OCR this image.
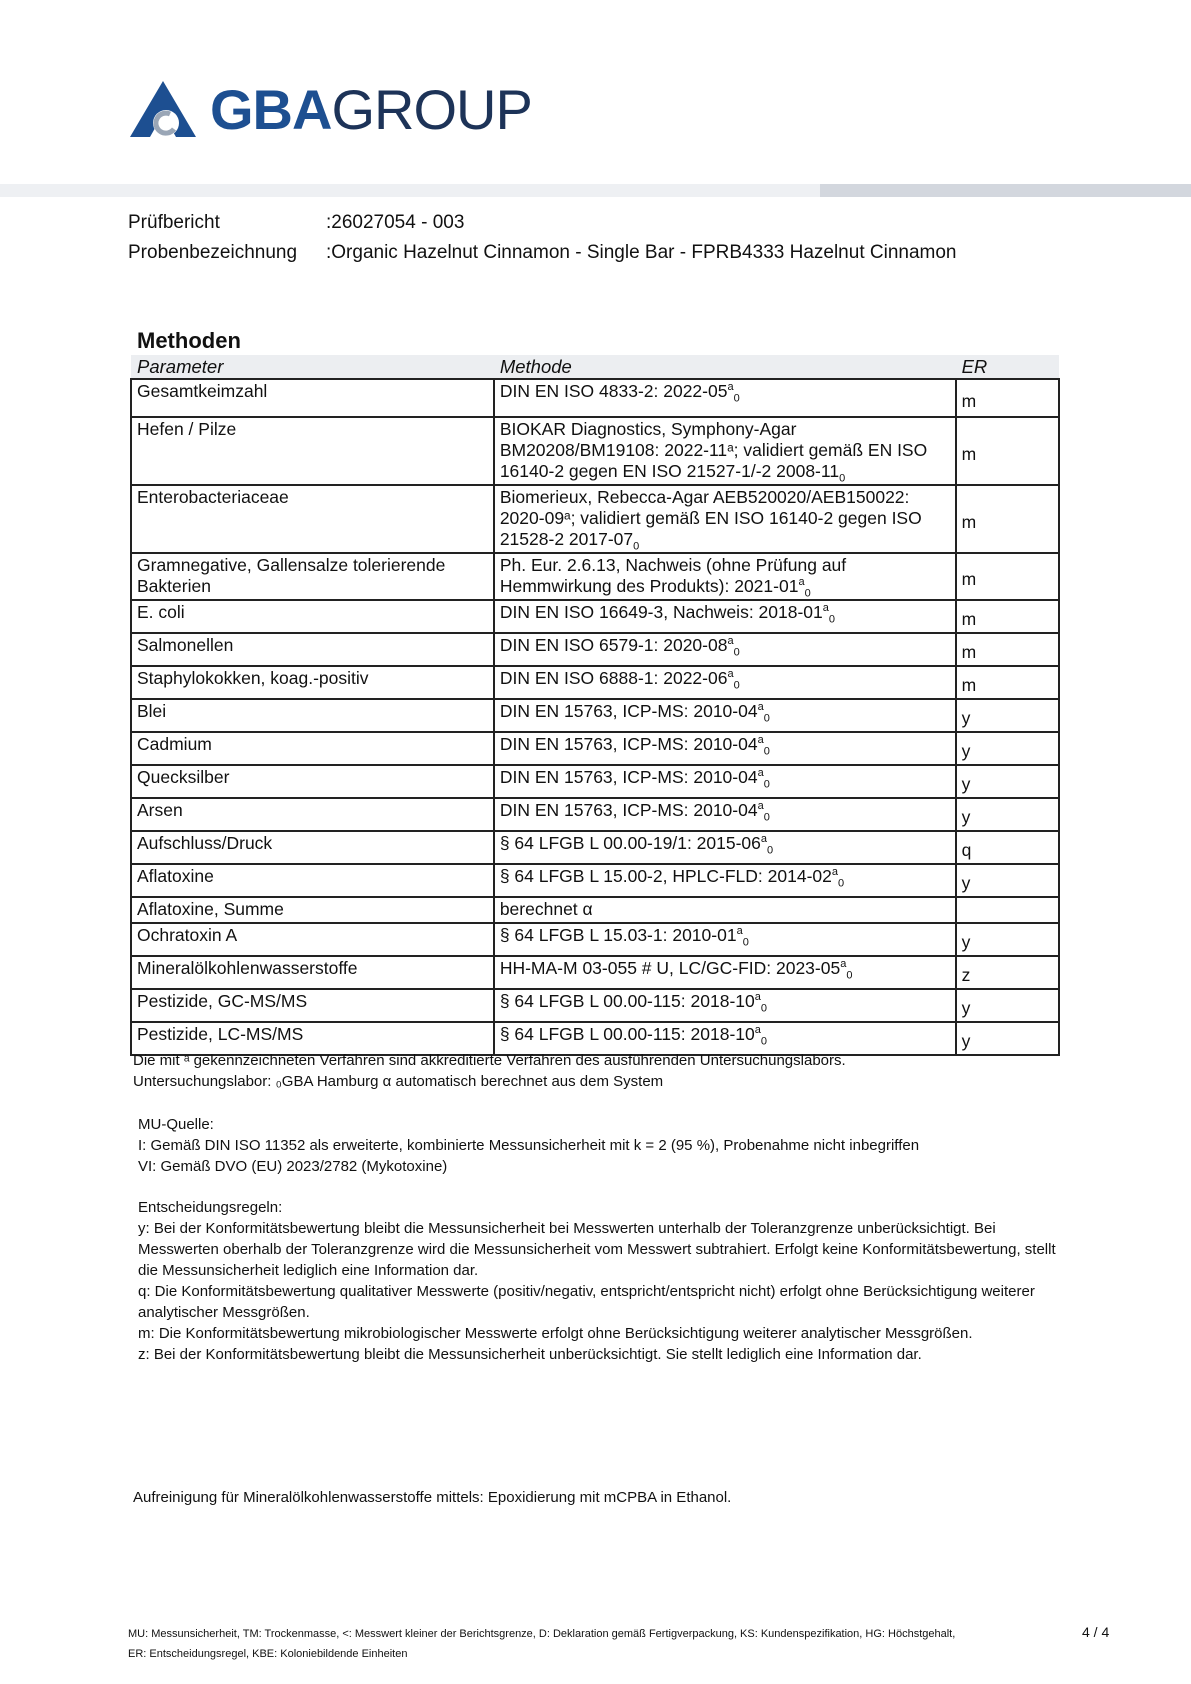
GBAGROUP
Prüfbericht	:26027054 - 003
Probenbezeichnung	:Organic Hazelnut Cinnamon - Single Bar - FPRB4333 Hazelnut Cinnamon
Methoden
Parameter	Methode	ER
Gesamtkeimzahl	DIN EN ISO 4833-2: $2022-05^a_0$	m
Hefen / Pilze	BIOKAR Diagnostics, Symphony-Agar BM20208/BM19108: 2022-11ᵃ; validiert gemäß EN ISO 16140-2 gegen EN ISO 21527-1/-2 $2008-11_0$	m
Enterobacteriaceae	Biomerieux, Rebecca-Agar AEB520020/AEB150022: 2020-09ᵃ; validiert gemäß EN ISO 16140-2 gegen ISO 21528-2 $2017-07_0$	m
Gramnegative, Gallensalze tolerierende Bakterien	Ph. Eur. 2.6.13, Nachweis (ohne Prüfung auf Hemmwirkung des Produkts): $2021-01^a_0$	m
E. coli	DIN EN ISO 16649-3, Nachweis: $2018-01^a_0$	m
Salmonellen	DIN EN ISO 6579-1: $2020-08^a_0$	m
Staphylokokken, koag.-positiv	DIN EN ISO 6888-1: $2022-06^a_0$	m
Blei	DIN EN 15763, ICP-MS: $2010-04^a_0$	y
Cadmium	DIN EN 15763, ICP-MS: $2010-04^a_0$	y
Quecksilber	DIN EN 15763, ICP-MS: $2010-04^a_0$	y
Arsen	DIN EN 15763, ICP-MS: $2010-04^a_0$	y
Aufschluss/Druck	§ 64 LFGB L 00.00-19/1: $2015-06^a_0$	q
Aflatoxine	§ 64 LFGB L 15.00-2, HPLC-FLD: $2014-02^a_0$	y
Aflatoxine, Summe	berechnet α	
Ochratoxin A	§ 64 LFGB L 15.03-1: $2010-01^a_0$	y
Mineralölkohlenwasserstoffe	HH-MA-M 03-055 # U, LC/GC-FID: $2023-05^a_0$	z
Pestizide, GC-MS/MS	§ 64 LFGB L 00.00-115: $2018-10^a_0$	y
Pestizide, LC-MS/MS	§ 64 LFGB L 00.00-115: $2018-10^a_0$	y
Die mit ᵃ gekennzeichneten Verfahren sind akkreditierte Verfahren des ausführenden Untersuchungslabors.
Untersuchungslabor: ₀GBA Hamburg α automatisch berechnet aus dem System
MU-Quelle:
I: Gemäß DIN ISO 11352 als erweiterte, kombinierte Messunsicherheit mit k = 2 (95 %), Probenahme nicht inbegriffen
VI: Gemäß DVO (EU) 2023/2782 (Mykotoxine)
Entscheidungsregeln:
y: Bei der Konformitätsbewertung bleibt die Messunsicherheit bei Messwerten unterhalb der Toleranzgrenze unberücksichtigt. Bei Messwerten oberhalb der Toleranzgrenze wird die Messunsicherheit vom Messwert subtrahiert. Erfolgt keine Konformitätsbewertung, stellt die Messunsicherheit lediglich eine Information dar.
q: Die Konformitätsbewertung qualitativer Messwerte (positiv/negativ, entspricht/entspricht nicht) erfolgt ohne Berücksichtigung weiterer analytischer Messgrößen.
m: Die Konformitätsbewertung mikrobiologischer Messwerte erfolgt ohne Berücksichtigung weiterer analytischer Messgrößen.
z: Bei der Konformitätsbewertung bleibt die Messunsicherheit unberücksichtigt. Sie stellt lediglich eine Information dar.
Aufreinigung für Mineralölkohlenwasserstoffe mittels: Epoxidierung mit mCPBA in Ethanol.
MU: Messunsicherheit, TM: Trockenmasse, <: Messwert kleiner der Berichtsgrenze, D: Deklaration gemäß Fertigverpackung, KS: Kundenspezifikation, HG: Höchstgehalt,
ER: Entscheidungsregel, KBE: Koloniebildende Einheiten
4 / 4
